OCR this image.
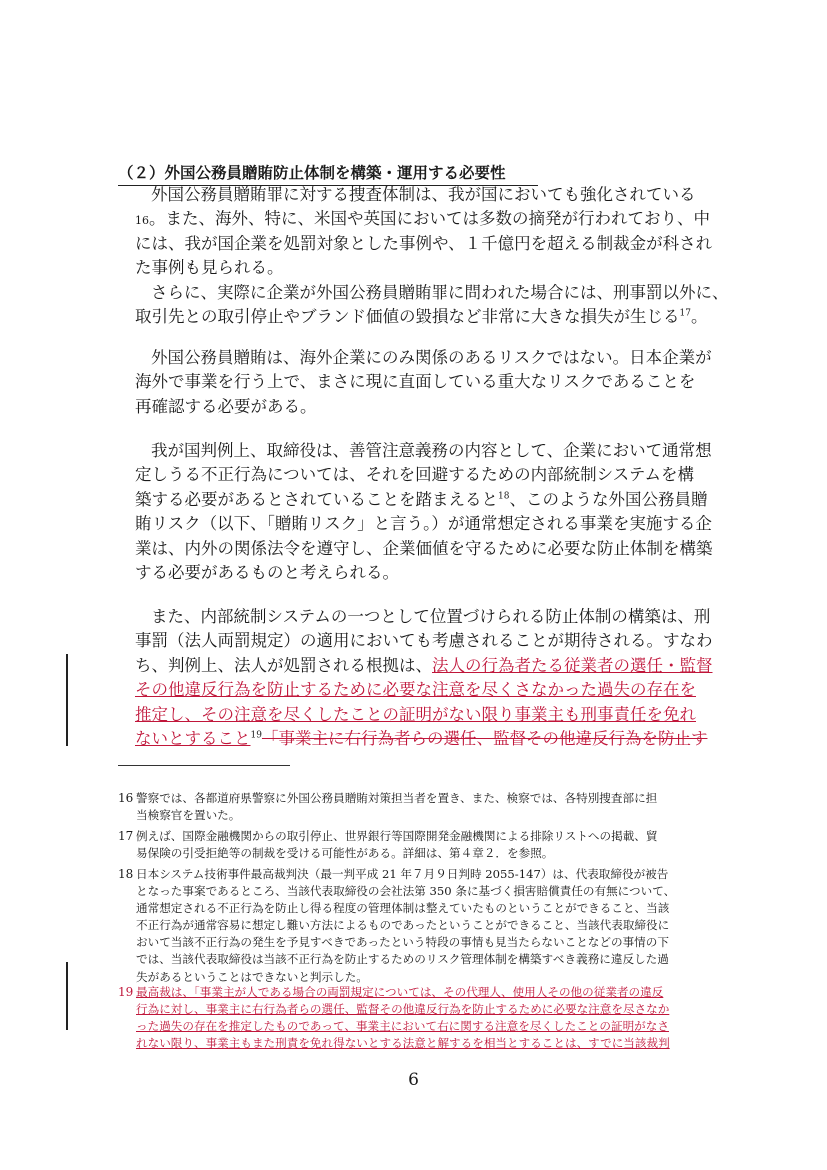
（２）外国公務員贈賄防止体制を構築・運用する必要性
外国公務員贈賄罪に対する捜査体制は、我が国においても強化されている
16。また、海外、特に、米国や英国においては多数の摘発が行われており、中
には、我が国企業を処罰対象とした事例や、１千億円を超える制裁金が科され
た事例も見られる。
さらに、実際に企業が外国公務員贈賄罪に問われた場合には、刑事罰以外に、
取引先との取引停止やブランド価値の毀損など非常に大きな損失が生じる$^{17}$。
外国公務員贈賄は、海外企業にのみ関係のあるリスクではない。日本企業が
海外で事業を行う上で、まさに現に直面している重大なリスクであることを
再確認する必要がある。
我が国判例上、取締役は、善管注意義務の内容として、企業において通常想
定しうる不正行為については、それを回避するための内部統制システムを構
築する必要があるとされていることを踏まえると$^{18}$、このような外国公務員贈
賄リスク（以下、「贈賄リスク」と言う。）が通常想定される事業を実施する企
業は、内外の関係法令を遵守し、企業価値を守るために必要な防止体制を構築
する必要があるものと考えられる。
また、内部統制システムの一つとして位置づけられる防止体制の構築は、刑
事罰（法人両罰規定）の適用においても考慮されることが期待される。すなわ
ち、判例上、法人が処罰される根拠は、法人の行為者たる従業者の選任・監督
その他違反行為を防止するために必要な注意を尽くさなかった過失の存在を
推定し、その注意を尽くしたことの証明がない限り事業主も刑事責任を免れ
ないとすること$^{19}$「事業主に右行為者らの選任、監督その他違反行為を防止す
16 警察では、各都道府県警察に外国公務員贈賄対策担当者を置き、また、検察では、各特別捜査部に担
当検察官を置いた。
17 例えば、国際金融機関からの取引停止、世界銀行等国際開発金融機関による排除リストへの掲載、貿
易保険の引受拒絶等の制裁を受ける可能性がある。詳細は、第４章２．を参照。
18 日本システム技術事件最高裁判決（最一判平成 21 年７月９日判時 2055-147）は、代表取締役が被告
となった事案であるところ、当該代表取締役の会社法第 350 条に基づく損害賠償責任の有無について、
通常想定される不正行為を防止し得る程度の管理体制は整えていたものということができること、当該
不正行為が通常容易に想定し難い方法によるものであったということができること、当該代表取締役に
おいて当該不正行為の発生を予見すべきであったという特段の事情も見当たらないことなどの事情の下
では、当該代表取締役は当該不正行為を防止するためのリスク管理体制を構築すべき義務に違反した過
失があるということはできないと判示した。
19 最高裁は、「事業主が人である場合の両罰規定については、その代理人、使用人その他の従業者の違反
行為に対し、事業主に右行為者らの選任、監督その他違反行為を防止するために必要な注意を尽さなか
った過失の存在を推定したものであって、事業主において右に関する注意を尽くしたことの証明がなさ
れない限り、事業主もまた刑責を免れ得ないとする法意と解するを相当とすることは、すでに当該裁判
6
